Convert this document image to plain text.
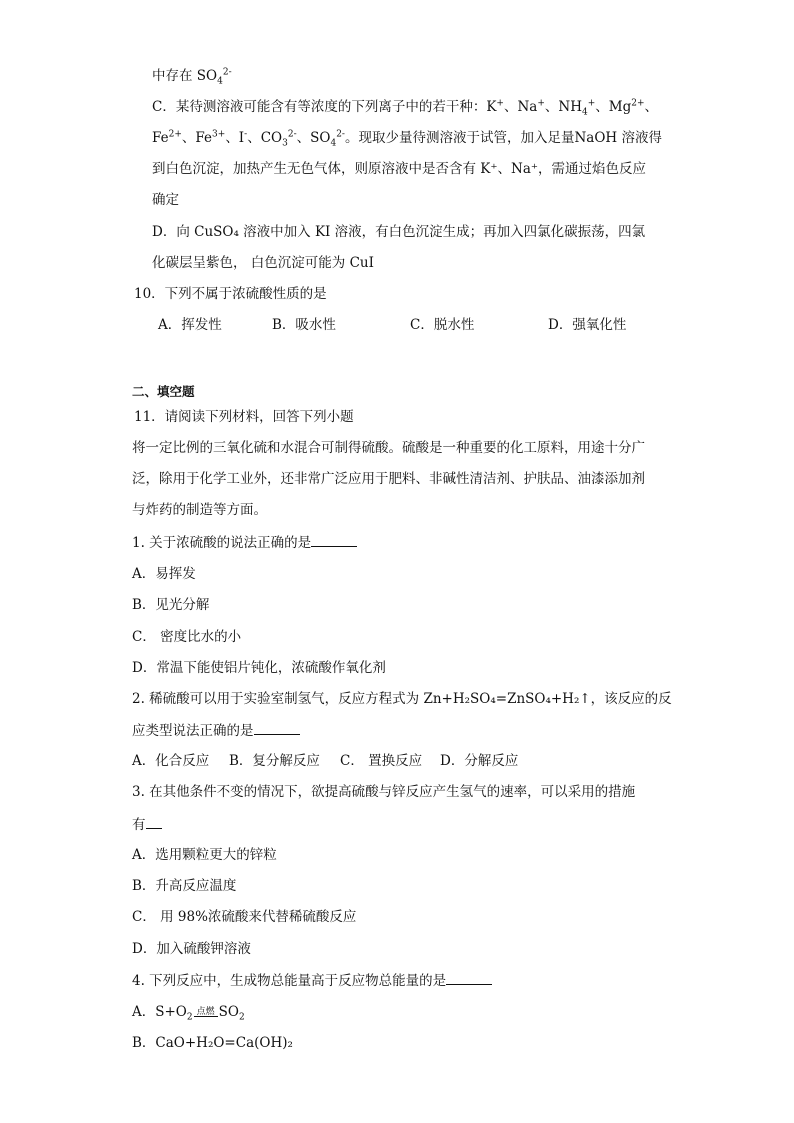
中存在 $SO_4^{2-}$
C．某待测溶液可能含有等浓度的下列离子中的若干种：K+、Na+、$NH_4^+$、$Mg^{2+}$、
$Fe^{2+}$、$Fe^{3+}$、I-、$CO_3^{2-}$、$SO_4^{2-}$。现取少量待测溶液于试管，加入足量NaOH 溶液得
到白色沉淀，加热产生无色气体，则原溶液中是否含有 K⁺、Na⁺，需通过焰色反应
确定
D．向 CuSO₄ 溶液中加入 KI 溶液，有白色沉淀生成；再加入四氯化碳振荡，四氯
化碳层呈紫色， 白色沉淀可能为 CuI
10．下列不属于浓硫酸性质的是
A．挥发性	B．吸水性	C．脱水性	D．强氧化性
二、填空题
11．请阅读下列材料，回答下列小题
将一定比例的三氧化硫和水混合可制得硫酸。硫酸是一种重要的化工原料，用途十分广
泛，除用于化学工业外，还非常广泛应用于肥料、非碱性清洁剂、护肤品、油漆添加剂
与炸药的制造等方面。
1. 关于浓硫酸的说法正确的是
A．易挥发
B．见光分解
C． 密度比水的小
D．常温下能使铝片钝化，浓硫酸作氧化剂
2. 稀硫酸可以用于实验室制氢气，反应方程式为 Zn+H₂SO₄=ZnSO₄+H₂↑，该反应的反
应类型说法正确的是
A．化合反应 B．复分解反应 C． 置换反应 D．分解反应
3. 在其他条件不变的情况下，欲提高硫酸与锌反应产生氢气的速率，可以采用的措施
有
A．选用颗粒更大的锌粒
B．升高反应温度
C． 用 98%浓硫酸来代替稀硫酸反应
D．加入硫酸钾溶液
4. 下列反应中，生成物总能量高于反应物总能量的是
A．$S+O_2$
点燃 $SO_2$
B．CaO+H₂O=Ca(OH)₂
